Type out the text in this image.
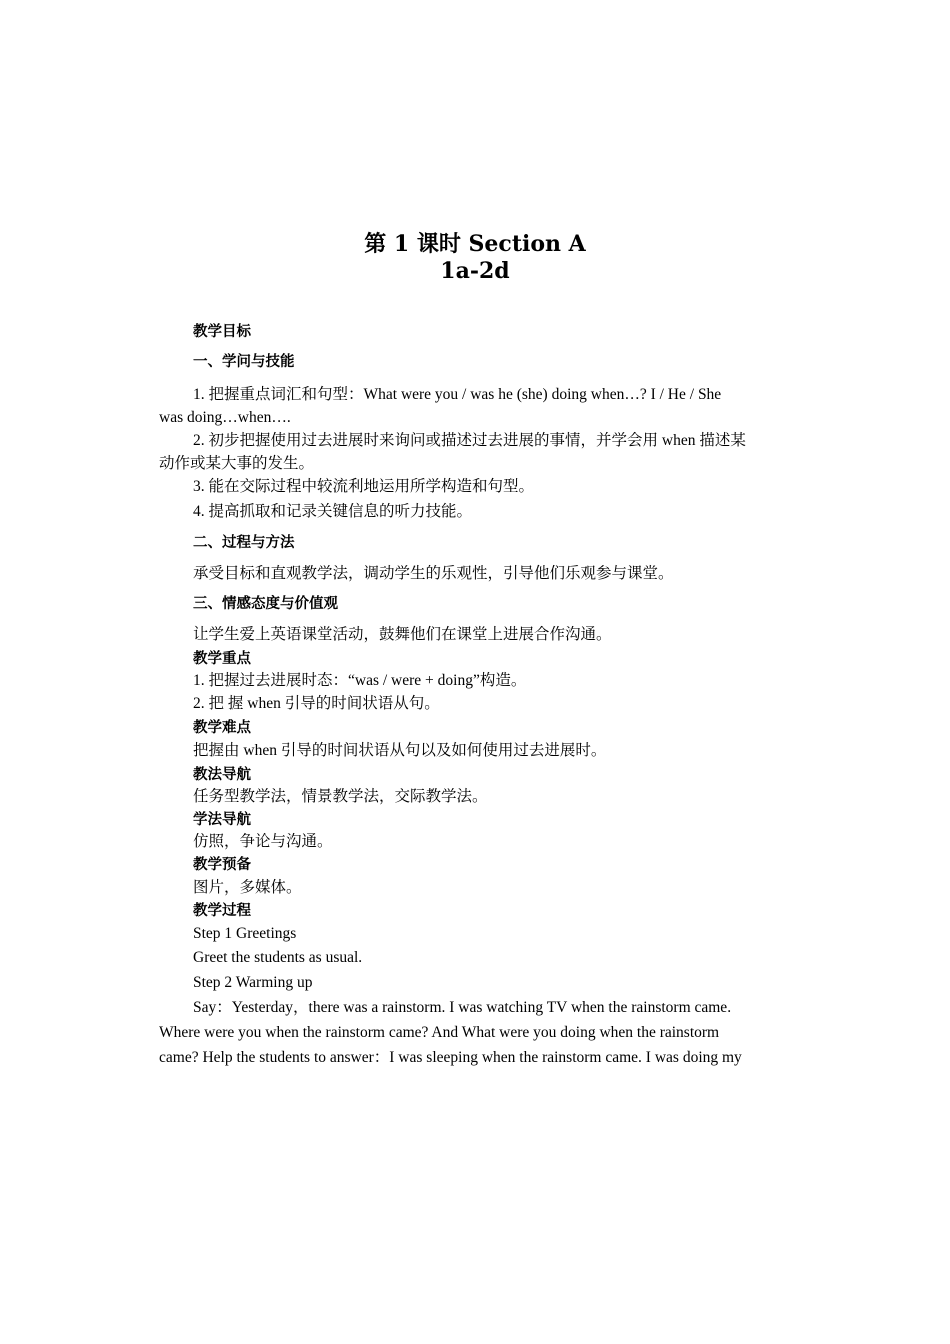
第 1 课时 Section A
1a-2d
教学目标
一、学问与技能
1. 把握重点词汇和句型：What were you / was he (she) doing when…? I / He / She
was doing…when….
2. 初步把握使用过去进展时来询问或描述过去进展的事情，并学会用 when 描述某
动作或某大事的发生。
3. 能在交际过程中较流利地运用所学构造和句型。
4. 提高抓取和记录关键信息的听力技能。
二、过程与方法
承受目标和直观教学法，调动学生的乐观性，引导他们乐观参与课堂。
三、情感态度与价值观
让学生爱上英语课堂活动，鼓舞他们在课堂上进展合作沟通。
教学重点
1. 把握过去进展时态：“was / were + doing”构造。
2. 把 握 when 引导的时间状语从句。
教学难点
把握由 when 引导的时间状语从句以及如何使用过去进展时。
教法导航
任务型教学法，情景教学法，交际教学法。
学法导航
仿照，争论与沟通。
教学预备
图片，多媒体。
教学过程
Step 1 Greetings
Greet the students as usual.
Step 2 Warming up
Say：Yesterday，there was a rainstorm. I was watching TV when the rainstorm came.
Where were you when the rainstorm came? And What were you doing when the rainstorm
came? Help the students to answer：I was sleeping when the rainstorm came. I was doing my
